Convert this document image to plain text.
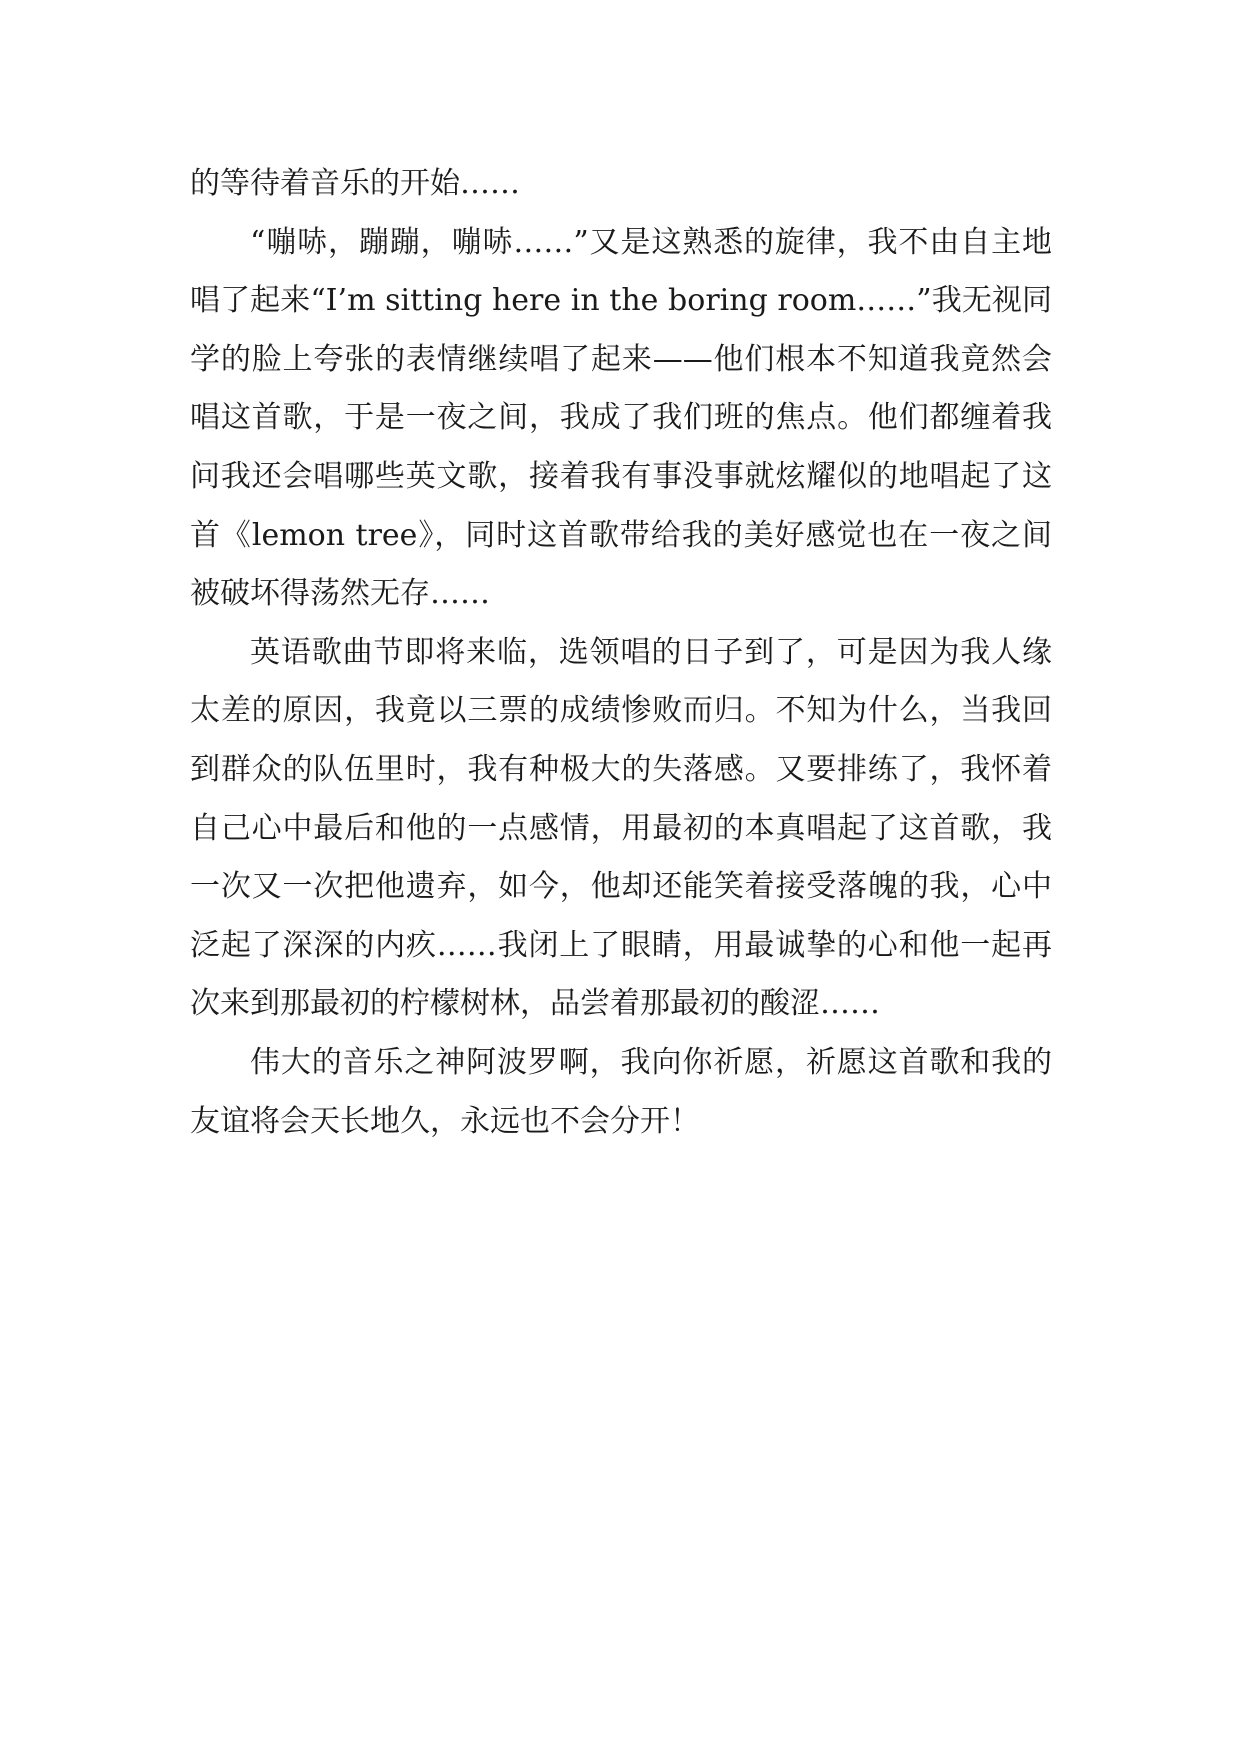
的等待着音乐的开始……

“嘣哧，蹦蹦，嘣哧……”又是这熟悉的旋律，我不由自主地唱了起来“I’m sitting here in the boring room……”我无视同学的脸上夸张的表情继续唱了起来——他们根本不知道我竟然会唱这首歌，于是一夜之间，我成了我们班的焦点。他们都缠着我问我还会唱哪些英文歌，接着我有事没事就炫耀似的地唱起了这首《lemon tree》，同时这首歌带给我的美好感觉也在一夜之间被破坏得荡然无存……

英语歌曲节即将来临，选领唱的日子到了，可是因为我人缘太差的原因，我竟以三票的成绩惨败而归。不知为什么，当我回到群众的队伍里时，我有种极大的失落感。又要排练了，我怀着自己心中最后和他的一点感情，用最初的本真唱起了这首歌，我一次又一次把他遗弃，如今，他却还能笑着接受落魄的我，心中泛起了深深的内疚……我闭上了眼睛，用最诚挚的心和他一起再次来到那最初的柠檬树林，品尝着那最初的酸涩……

伟大的音乐之神阿波罗啊，我向你祈愿，祈愿这首歌和我的友谊将会天长地久，永远也不会分开！
